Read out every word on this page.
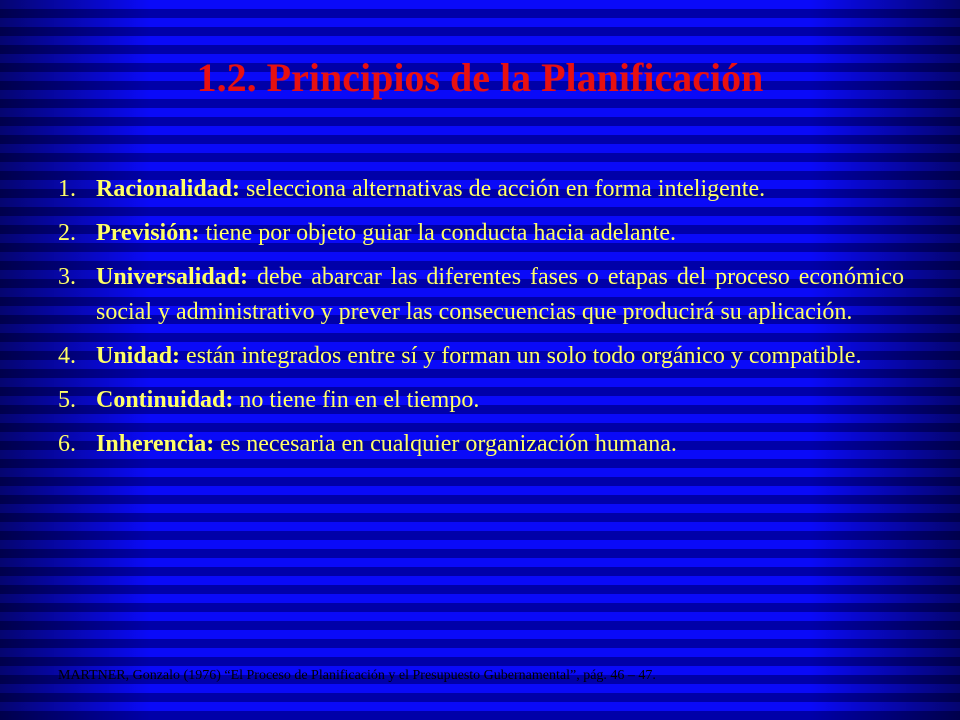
1.2. Principios de la Planificación
1. Racionalidad: selecciona alternativas de acción en forma inteligente.
2. Previsión: tiene por objeto guiar la conducta hacia adelante.
3. Universalidad: debe abarcar las diferentes fases o etapas del proceso económico social y administrativo y prever las consecuencias que producirá su aplicación.
4. Unidad: están integrados entre sí y forman un solo todo orgánico y compatible.
5. Continuidad: no tiene fin en el tiempo.
6. Inherencia: es necesaria en cualquier organización humana.

MARTNER, Gonzalo (1976) “El Proceso de Planificación y el Presupuesto Gubernamental”, pág. 46 – 47.
